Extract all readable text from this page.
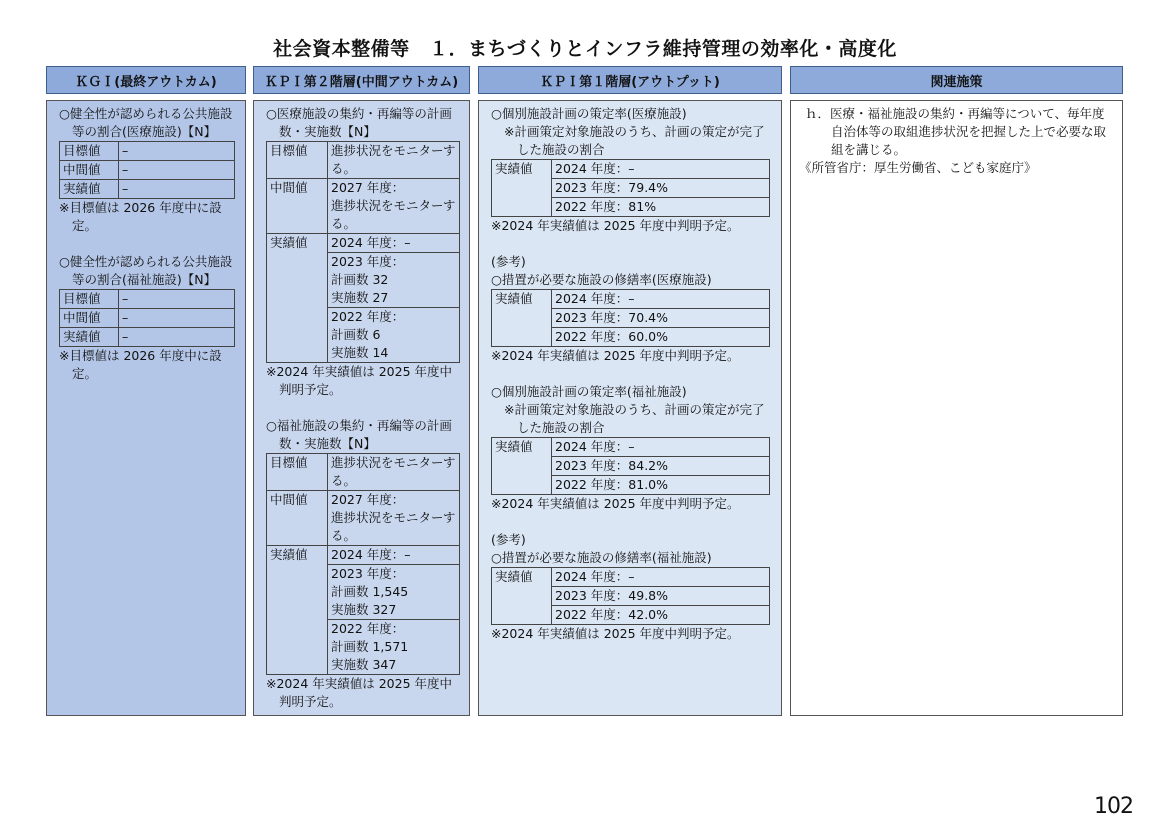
社会資本整備等　１．まちづくりとインフラ維持管理の効率化・高度化
ＫＧＩ(最終アウトカム)	ＫＰＩ第２階層(中間アウトカム)	ＫＰＩ第１階層(アウトプット)	関連施策
○健全性が認められる公共施設等の割合(医療施設)【N】
目標値	–
中間値	–
実績値	–
※目標値は 2026 年度中に設定。
○健全性が認められる公共施設等の割合(福祉施設)【N】
目標値	–
中間値	–
実績値	–
※目標値は 2026 年度中に設定。
○医療施設の集約・再編等の計画数・実施数【N】
目標値	進捗状況をモニターする。
中間値	2027 年度：
進捗状況をモニターする。
実績値	2024 年度：–
	2023 年度：
計画数 32
実施数 27
	2022 年度：
計画数 6
実施数 14
※2024 年実績値は 2025 年度中判明予定。
○福祉施設の集約・再編等の計画数・実施数【N】
目標値	進捗状況をモニターする。
中間値	2027 年度：
進捗状況をモニターする。
実績値	2024 年度：–
	2023 年度：
計画数 1,545
実施数 327
	2022 年度：
計画数 1,571
実施数 347
※2024 年実績値は 2025 年度中判明予定。
○個別施設計画の策定率(医療施設)
※計画策定対象施設のうち、計画の策定が完了した施設の割合
実績値	2024 年度：–
2023 年度：79.4%
2022 年度：81%
※2024 年実績値は 2025 年度中判明予定。
(参考)
○措置が必要な施設の修繕率(医療施設)
実績値	2024 年度：–
2023 年度：70.4%
2022 年度：60.0%
※2024 年実績値は 2025 年度中判明予定。
○個別施設計画の策定率(福祉施設)
※計画策定対象施設のうち、計画の策定が完了した施設の割合
実績値	2024 年度：–
2023 年度：84.2%
2022 年度：81.0%
※2024 年実績値は 2025 年度中判明予定。
(参考)
○措置が必要な施設の修繕率(福祉施設)
実績値	2024 年度：–
2023 年度：49.8%
2022 年度：42.0%
※2024 年実績値は 2025 年度中判明予定。
ｈ．医療・福祉施設の集約・再編等について、毎年度自治体等の取組進捗状況を把握した上で必要な取組を講じる。
《所管省庁：厚生労働省、こども家庭庁》
102
